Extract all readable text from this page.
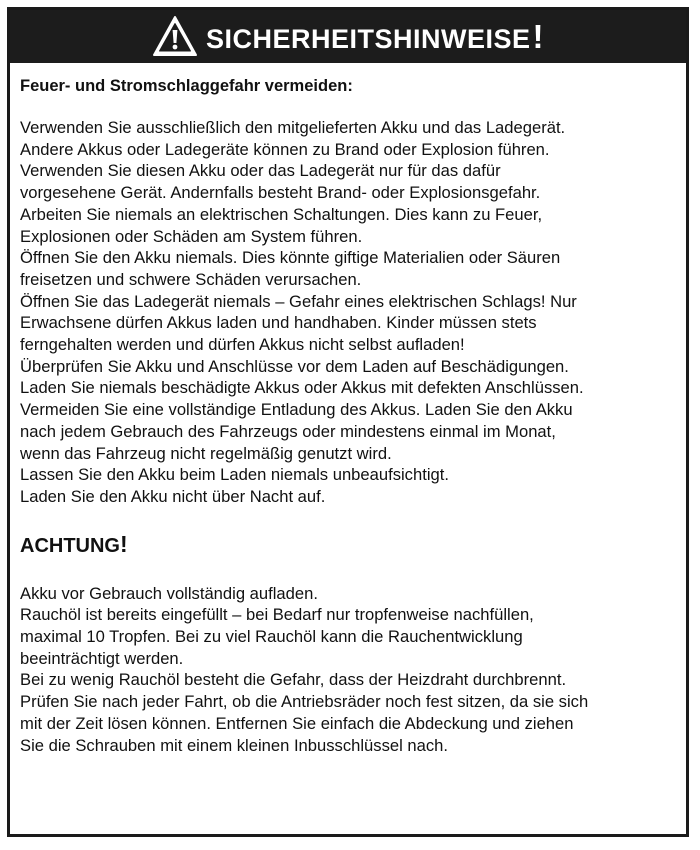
SICHERHEITSHINWEISE!
Feuer- und Stromschlaggefahr vermeiden:

Verwenden Sie ausschließlich den mitgelieferten Akku und das Ladegerät.

Andere Akkus oder Ladegeräte können zu Brand oder Explosion führen.

Verwenden Sie diesen Akku oder das Ladegerät nur für das dafür

vorgesehene Gerät. Andernfalls besteht Brand- oder Explosionsgefahr.

Arbeiten Sie niemals an elektrischen Schaltungen. Dies kann zu Feuer,

Explosionen oder Schäden am System führen.

Öffnen Sie den Akku niemals. Dies könnte giftige Materialien oder Säuren

freisetzen und schwere Schäden verursachen.

Öffnen Sie das Ladegerät niemals – Gefahr eines elektrischen Schlags! Nur

Erwachsene dürfen Akkus laden und handhaben. Kinder müssen stets

ferngehalten werden und dürfen Akkus nicht selbst aufladen!

Überprüfen Sie Akku und Anschlüsse vor dem Laden auf Beschädigungen.

Laden Sie niemals beschädigte Akkus oder Akkus mit defekten Anschlüssen.

Vermeiden Sie eine vollständige Entladung des Akkus. Laden Sie den Akku

nach jedem Gebrauch des Fahrzeugs oder mindestens einmal im Monat,

wenn das Fahrzeug nicht regelmäßig genutzt wird.

Lassen Sie den Akku beim Laden niemals unbeaufsichtigt.

Laden Sie den Akku nicht über Nacht auf.

ACHTUNG!

Akku vor Gebrauch vollständig aufladen.

Rauchöl ist bereits eingefüllt – bei Bedarf nur tropfenweise nachfüllen,

maximal 10 Tropfen. Bei zu viel Rauchöl kann die Rauchentwicklung

beeinträchtigt werden.

Bei zu wenig Rauchöl besteht die Gefahr, dass der Heizdraht durchbrennt.

Prüfen Sie nach jeder Fahrt, ob die Antriebsräder noch fest sitzen, da sie sich

mit der Zeit lösen können. Entfernen Sie einfach die Abdeckung und ziehen

Sie die Schrauben mit einem kleinen Inbusschlüssel nach.
